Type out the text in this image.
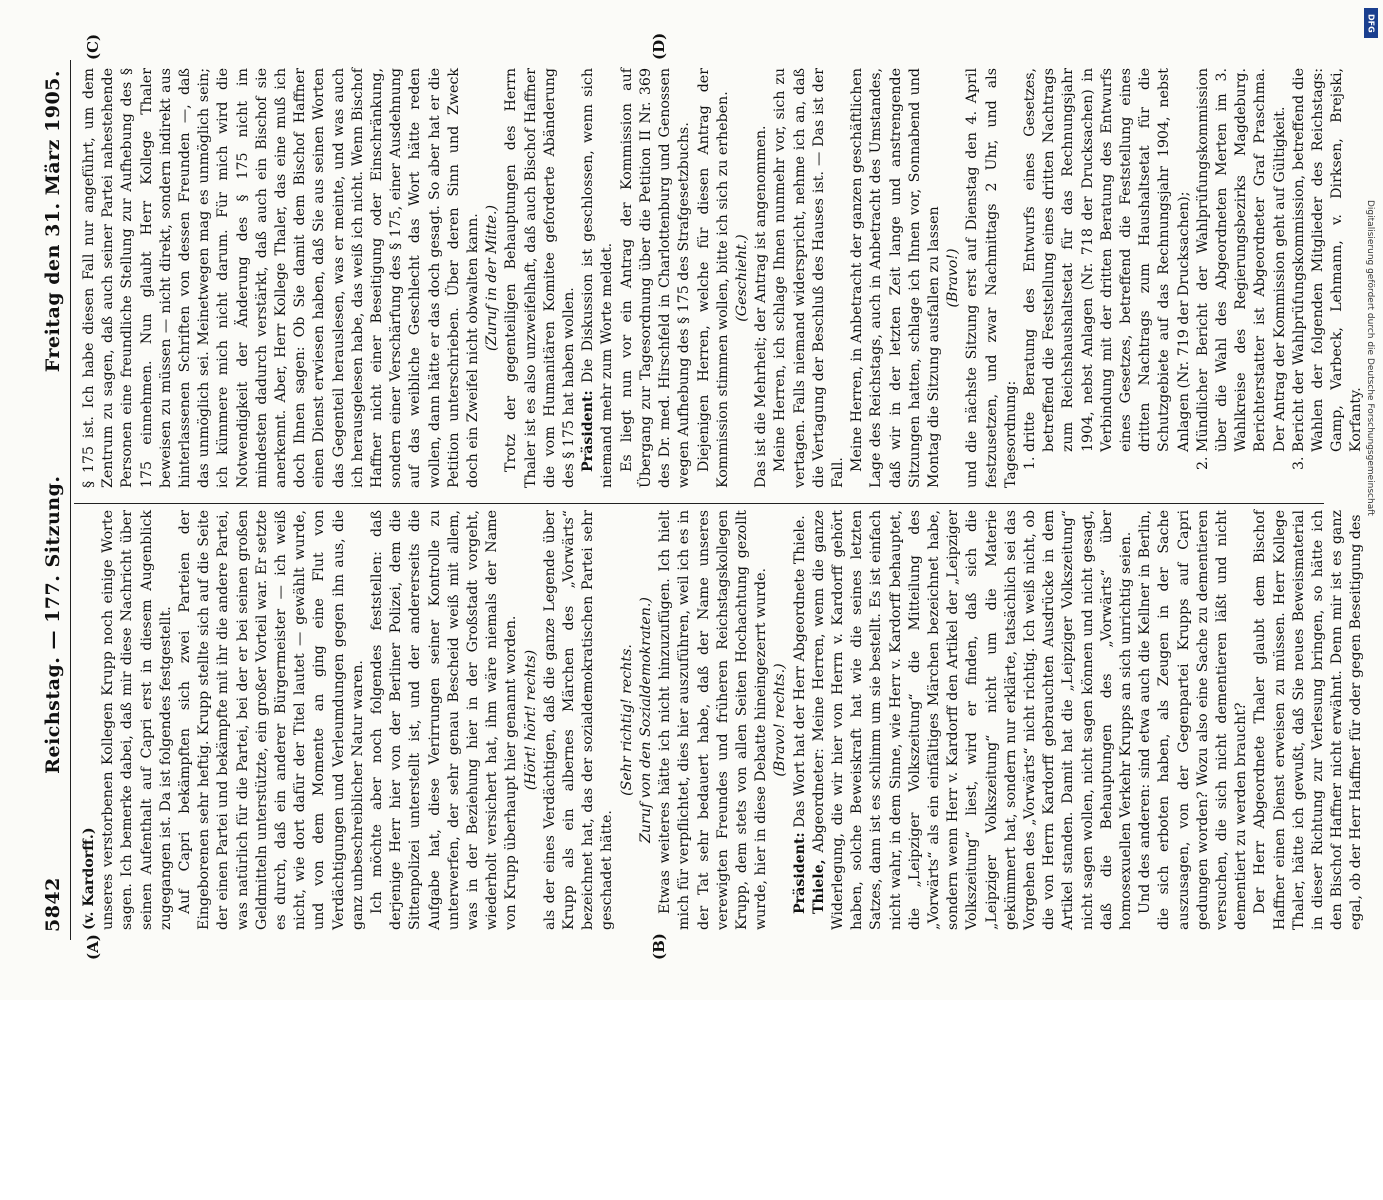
5842
Reichstag. — 177. Sitzung.
Freitag den 31. März 1905.
(A)	(B)
(C)	(D)

(v. Kardorff.) unseres verstorbenen Kollegen Krupp noch einige Worte sagen. Ich bemerke dabei, daß mir diese Nachricht über seinen Aufenthalt auf Capri erst in diesem Augenblick zugegangen ist. Da ist folgendes festgestellt. Auf Capri bekämpften sich zwei Parteien der Eingeborenen sehr heftig. Krupp stellte sich auf die Seite der einen Partei und bekämpfte mit ihr die andere Partei, was natürlich für die Partei, bei der er bei seinen großen Geldmitteln unterstützte, ein großer Vorteil war. Er setzte es durch, daß ein anderer Bürgermeister — ich weiß nicht, wie dort dafür der Titel lautet — gewählt wurde, und von dem Momente an ging eine Flut von Verdächtigungen und Verleumdungen gegen ihn aus, die ganz unbeschreiblicher Natur waren. Ich möchte aber noch folgendes feststellen: daß derjenige Herr hier von der Berliner Polizei, dem die Sittenpolizei unterstellt ist, und der andererseits die Aufgabe hat, diese Verirrungen seiner Kontrolle zu unterwerfen, der sehr genau Bescheid weiß mit allem, was in der Beziehung hier in der Großstadt vorgeht, wiederholt versichert hat, ihm wäre niemals der Name von Krupp überhaupt hier genannt worden. (Hört! hört! rechts) als der eines Verdächtigen, daß die ganze Legende über Krupp als ein albernes Märchen des „Vorwärts“ bezeichnet hat, das der sozialdemokratischen Partei sehr geschadet hätte.

(Sehr richtig! rechts. Zuruf von den Sozialdemokraten.) Etwas weiteres hätte ich nicht hinzuzufügen. Ich hielt mich für verpflichtet, dies hier auszuführen, weil ich es in der Tat sehr bedauert habe, daß der Name unseres verewigten Freundes und früheren Reichstagskollegen Krupp, dem stets von allen Seiten Hochachtung gezollt wurde, hier in diese Debatte hineingezerrt wurde. (Bravo! rechts.)

Präsident: Das Wort hat der Herr Abgeordnete Thiele.

Thiele, Abgeordneter: Meine Herren, wenn die ganze Widerlegung, die wir hier von Herrn v. Kardorff gehört haben, solche Beweiskraft hat wie die seines letzten Satzes, dann ist es schlimm um sie bestellt. Es ist einfach nicht wahr, in dem Sinne, wie Herr v. Kardorff behauptet, die „Leipziger Volkszeitung“ die Mitteilung des „Vorwärts“ als ein einfältiges Märchen bezeichnet habe, sondern wenn Herr v. Kardorff den Artikel der „Leipziger Volkszeitung“ liest, wird er finden, daß sich die „Leipziger Volkszeitung“ nicht um die Materie gekümmert hat, sondern nur erklärte, tatsächlich sei das Vorgehen des „Vorwärts“ nicht richtig. Ich weiß nicht, ob die von Herrn Kardorff gebrauchten Ausdrücke in dem Artikel standen. Damit hat die „Leipziger Volkszeitung“ nicht sagen wollen, nicht sagen können und nicht gesagt, daß die Behauptungen des „Vorwärts“ über homosexuellen Verkehr Krupps an sich unrichtig seien. Und des anderen: sind etwa auch die Kellner in Berlin, die sich erboten haben, als Zeugen in der Sache auszusagen, von der Gegenpartei Krupps auf Capri gedungen worden? Wozu also eine Sache zu dementieren versuchen, die sich nicht dementieren läßt und nicht dementiert zu werden braucht? Der Herr Abgeordnete Thaler glaubt dem Bischof Haffner einen Dienst erweisen zu müssen. Herr Kollege Thaler, hätte ich gewußt, daß Sie neues Beweismaterial in dieser Richtung zur Verlesung bringen, so hätte ich den Bischof Haffner nicht erwähnt. Denn mir ist es ganz egal, ob der Herr Haffner für oder gegen Beseitigung des

§ 175 ist. Ich habe diesen Fall nur angeführt, um dem Zentrum zu sagen, daß auch seiner Partei nahestehende Personen eine freundliche Stellung zur Aufhebung des § 175 einnehmen. Nun glaubt Herr Kollege Thaler beweisen zu müssen — nicht direkt, sondern indirekt aus hinterlassenen Schriften von dessen Freunden —, daß das unmöglich sei. Meinetwegen mag es unmöglich sein; ich kümmere mich nicht darum. Für mich wird die Notwendigkeit der Änderung des § 175 nicht im mindesten dadurch verstärkt, daß auch ein Bischof sie anerkennt. Aber, Herr Kollege Thaler, das eine muß ich doch Ihnen sagen: Ob Sie damit dem Bischof Haffner einen Dienst erwiesen haben, daß Sie aus seinen Worten das Gegenteil herauslesen, was er meinte, und was auch ich herausgelesen habe, das weiß ich nicht. Wenn Bischof Haffner nicht einer Beseitigung oder Einschränkung, sondern einer Verschärfung des § 175, einer Ausdehnung auf das weibliche Geschlecht das Wort hätte reden wollen, dann hätte er das doch gesagt. So aber hat er die Petition unterschrieben. Über deren Sinn und Zweck doch ein Zweifel nicht obwalten kann. (Zuruf in der Mitte.) Trotz der gegenteiligen Behauptungen des Herrn Thaler ist es also unzweifelhaft, daß auch Bischof Haffner die vom Humanitären Komitee geforderte Abänderung des § 175 hat haben wollen. Präsident: Die Diskussion ist geschlossen, wenn sich niemand mehr zum Worte meldet. Es liegt nun vor ein Antrag der Kommission auf Übergang zur Tagesordnung über die Petition II Nr. 369 des Dr. med. Hirschfeld in Charlottenburg und Genossen wegen Aufhebung des § 175 des Strafgesetzbuchs. Diejenigen Herren, welche für diesen Antrag der Kommission stimmen wollen, bitte ich sich zu erheben. (Geschieht.) Das ist die Mehrheit; der Antrag ist angenommen. Meine Herren, ich schlage Ihnen nunmehr vor, sich zu vertagen. Falls niemand widerspricht, nehme ich an, daß die Vertagung der Beschluß des Hauses ist. — Das ist der Fall.

Meine Herren, in Anbetracht der ganzen geschäftlichen Lage des Reichstags, auch in Anbetracht des Umstandes, daß wir in der letzten Zeit lange und anstrengende Sitzungen hatten, schlage ich Ihnen vor, Sonnabend und Montag die Sitzung ausfallen zu lassen (Bravo!) und die nächste Sitzung erst auf Dienstag den 4. April festzusetzen, und zwar Nachmittags 2 Uhr, und als Tagesordnung: 1. dritte Beratung des Entwurfs eines Gesetzes, betreffend die Feststellung eines dritten Nachtrags zum Reichshaushaltsetat für das Rechnungsjahr 1904, nebst Anlagen (Nr. 718 der Drucksachen) in Verbindung mit der dritten Beratung des Entwurfs eines Gesetzes, betreffend die Feststellung eines dritten Nachtrags zum Haushaltsetat für die Schutzgebiete auf das Rechnungsjahr 1904, nebst Anlagen (Nr. 719 der Drucksachen); 2. Mündlicher Bericht der Wahlprüfungskommission über die Wahl des Abgeordneten Merten im 3. Wahlkreise des Regierungsbezirks Magdeburg. Berichterstatter ist Abgeordneter Graf Praschma. Der Antrag der Kommission geht auf Gültigkeit. 3. Bericht der Wahlprüfungskommission, betreffend die Wahlen der folgenden Mitglieder des Reichstags: Gamp, Varbeck, Lehmann, v. Dirksen, Brejski, Korfanty.
DFG
Digitalisierung gefördert durch die Deutsche Forschungsgemeinschaft
